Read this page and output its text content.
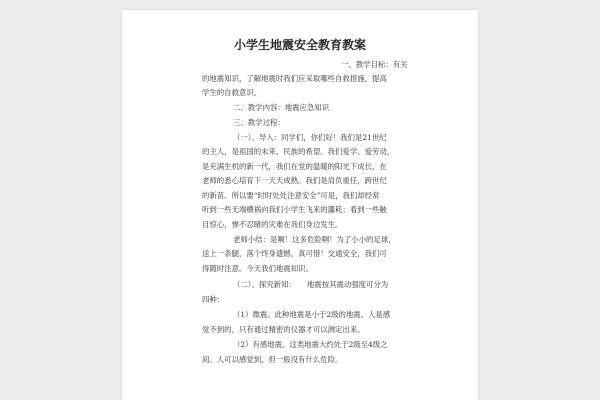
小学生地震安全教育教案
一、教学目标：有关
的地震知识，了解地震时我们应采取哪些自救措施，提高
学生的自救意识。
二、教学内容：地震应急知识
三、教学过程：
（一）、导入：同学们，你们好！我们是21世纪
的主人，是祖国的未来、民族的希望。我们爱学、爱劳动，
是充满生机的新一代，我们在党的温暖的阳光下成长，在
老师的悉心培育下一天天成熟。我们是肩负重任，跨世纪
的新苗。所以要“时时处处注意安全”可是，我们却经常
听到一些无端横祸向我们小学生飞来的噩耗；看到一些触
目惊心，惨不忍睹的灾难在我们身边发生。
老师小结：是啊！这多危险啊！为了小小的足球，
送上一条腿，落个终身遗憾，真可惜！交通安全，我们可
得随时注意。今天我们地震知识。
（二）、探究新知：　　地震按其震动强度可分为
四种：
（1）微震。此种地震是小于2级的地震。人是感
觉不到的，只有通过精密的仪器才可以测定出来。
（2）有感地震。这类地震大约处于2级至4级之
间。人可以感觉到，但一般没有什么危险。
